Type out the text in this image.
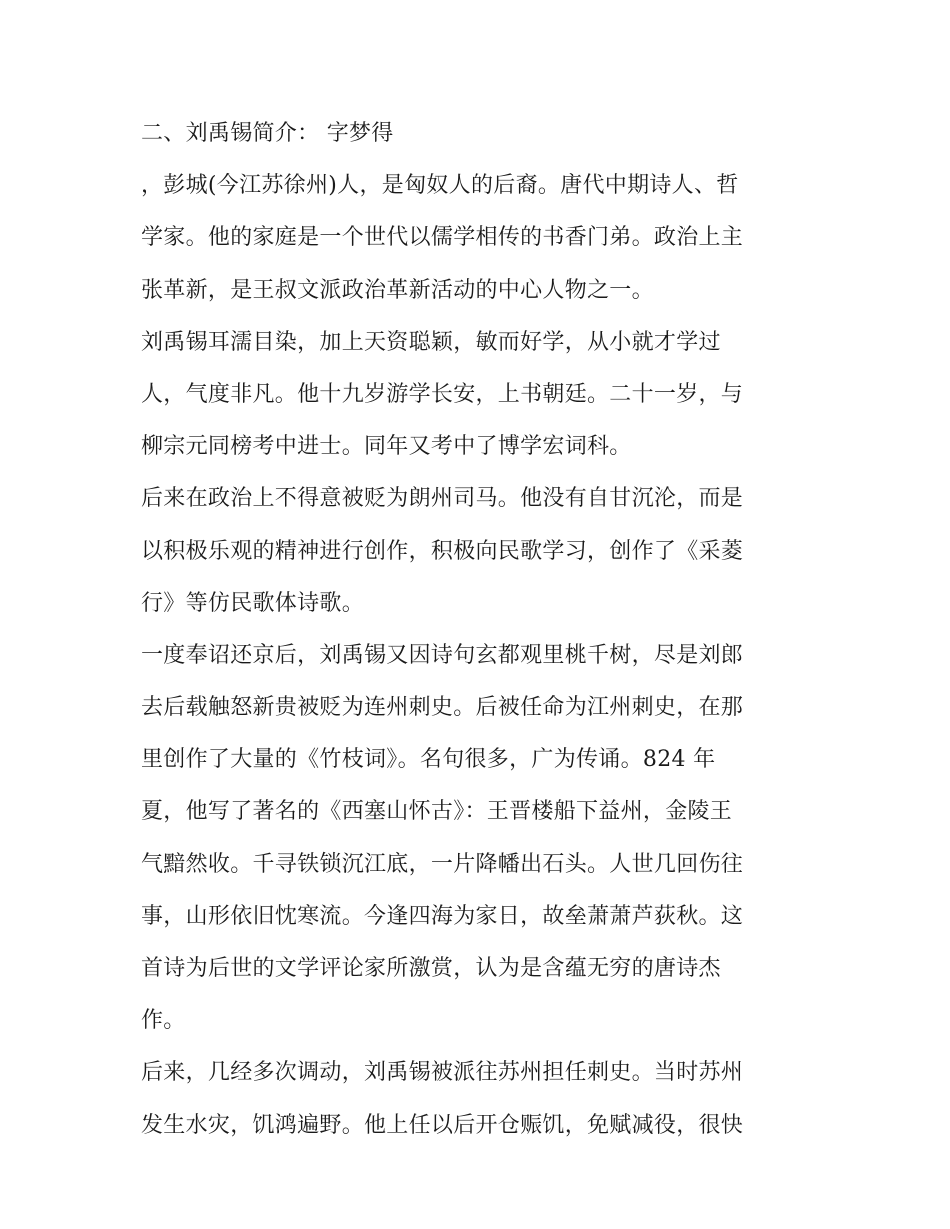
二、刘禹锡简介： 字梦得
，彭城(今江苏徐州)人，是匈奴人的后裔。唐代中期诗人、哲
学家。他的家庭是一个世代以儒学相传的书香门弟。政治上主
张革新，是王叔文派政治革新活动的中心人物之一。
刘禹锡耳濡目染，加上天资聪颖，敏而好学，从小就才学过
人，气度非凡。他十九岁游学长安，上书朝廷。二十一岁，与
柳宗元同榜考中进士。同年又考中了博学宏词科。
后来在政治上不得意被贬为朗州司马。他没有自甘沉沦，而是
以积极乐观的精神进行创作，积极向民歌学习，创作了《采菱
行》等仿民歌体诗歌。
一度奉诏还京后，刘禹锡又因诗句玄都观里桃千树，尽是刘郎
去后载触怒新贵被贬为连州刺史。后被任命为江州刺史，在那
里创作了大量的《竹枝词》。名句很多，广为传诵。824 年
夏，他写了著名的《西塞山怀古》：王晋楼船下益州，金陵王
气黯然收。千寻铁锁沉江底，一片降幡出石头。人世几回伤往
事，山形依旧忱寒流。今逢四海为家日，故垒萧萧芦荻秋。这
首诗为后世的文学评论家所激赏，认为是含蕴无穷的唐诗杰
作。
后来，几经多次调动，刘禹锡被派往苏州担任刺史。当时苏州
发生水灾，饥鸿遍野。他上任以后开仓赈饥，免赋减役，很快
